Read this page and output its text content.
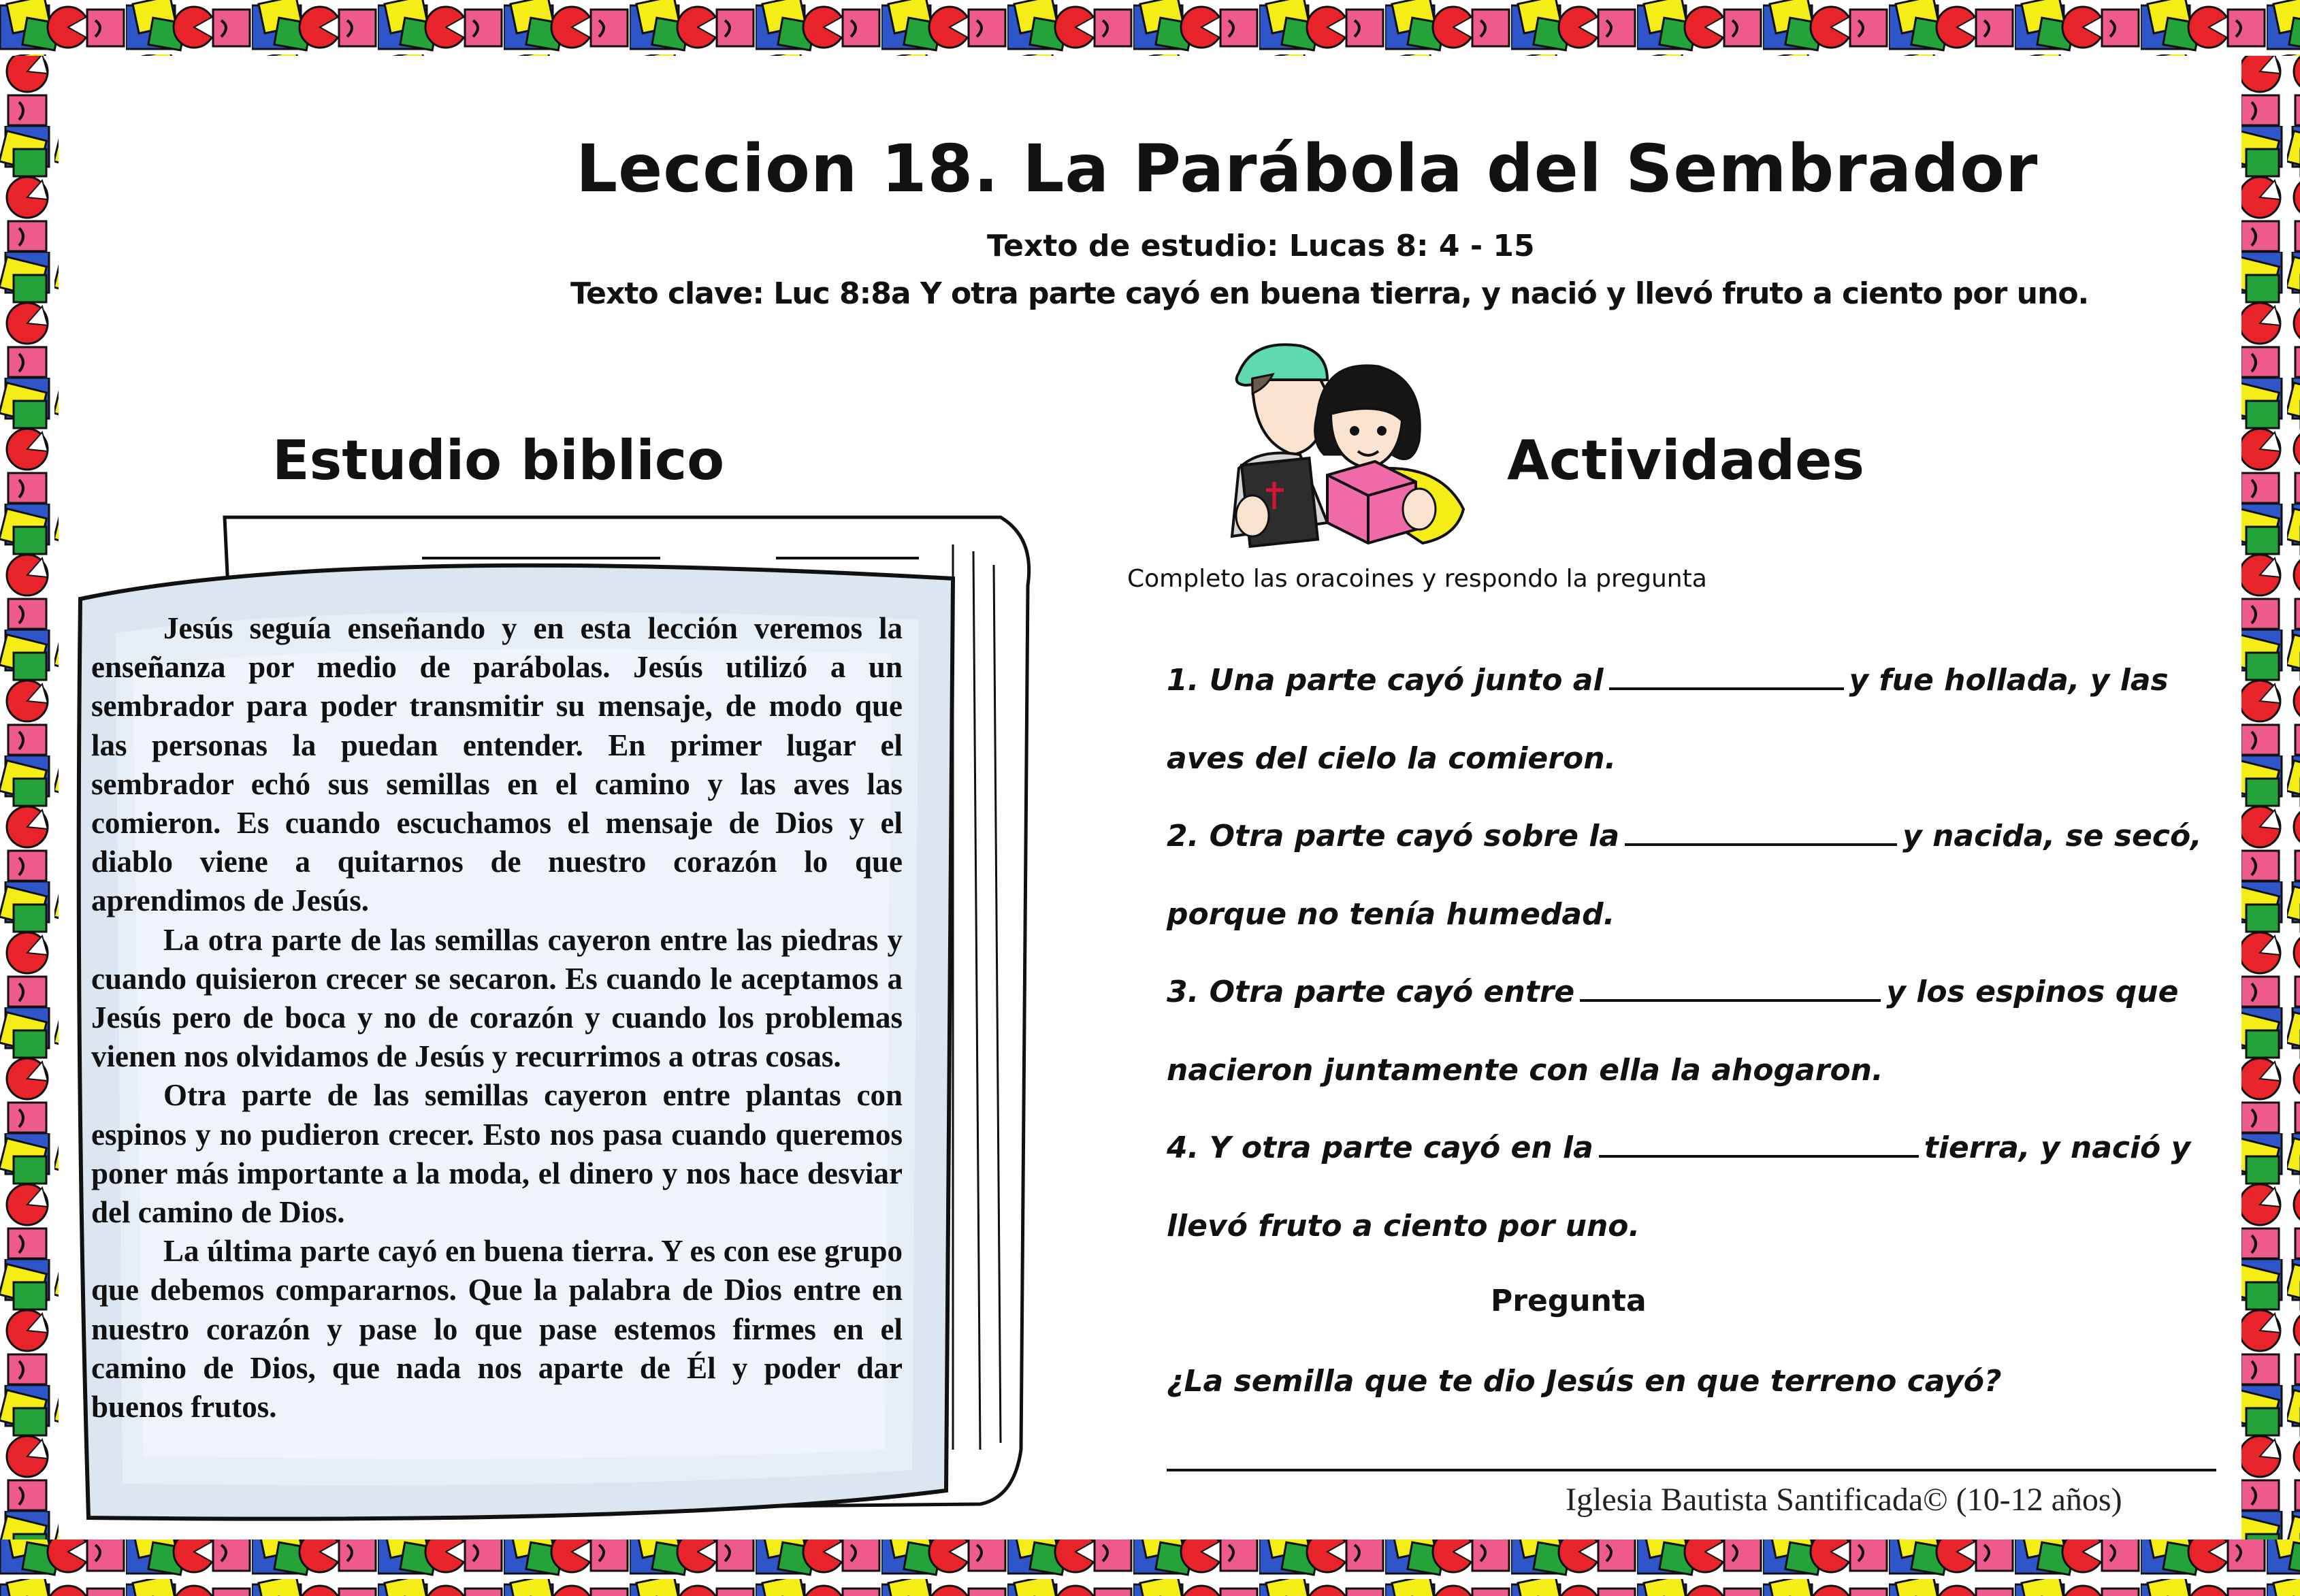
Leccion 18. La Parábola del Sembrador
Texto de estudio: Lucas 8: 4 - 15
Texto clave: Luc 8:8a Y otra parte cayó en buena tierra, y nació y llevó fruto a ciento por uno.
Estudio biblico	Actividades
Completo las oracoines y respondo la pregunta

Jesús seguía enseñando y en esta lección veremos la enseñanza por medio de parábolas. Jesús utilizó a un sembrador para poder transmitir su mensaje, de modo que las personas la puedan entender. En primer lugar el sembrador echó sus semillas en el camino y las aves las comieron. Es cuando escuchamos el mensaje de Dios y el diablo viene a quitarnos de nuestro corazón lo que aprendimos de Jesús.

La otra parte de las semillas cayeron entre las piedras y cuando quisieron crecer se secaron. Es cuando le aceptamos a Jesús pero de boca y no de corazón y cuando los problemas vienen nos olvidamos de Jesús y recurrimos a otras cosas.

Otra parte de las semillas cayeron entre plantas con espinos y no pudieron crecer. Esto nos pasa cuando queremos poner más importante a la moda, el dinero y nos hace desviar del camino de Dios.

La última parte cayó en buena tierra. Y es con ese grupo que debemos compararnos. Que la palabra de Dios entre en nuestro corazón y pase lo que pase estemos firmes en el camino de Dios, que nada nos aparte de Él y poder dar buenos frutos.

1. Una parte cayó junto al	y fue hollada, y las
aves del cielo la comieron.
2. Otra parte cayó sobre la	y nacida, se secó,
porque no tenía humedad.
3. Otra parte cayó entre	y los espinos que
nacieron juntamente con ella la ahogaron.
4. Y otra parte cayó en la	tierra, y nació y
llevó fruto a ciento por uno.
Pregunta
¿La semilla que te dio Jesús en que terreno cayó?
Iglesia Bautista Santificada© (10-12 años)
